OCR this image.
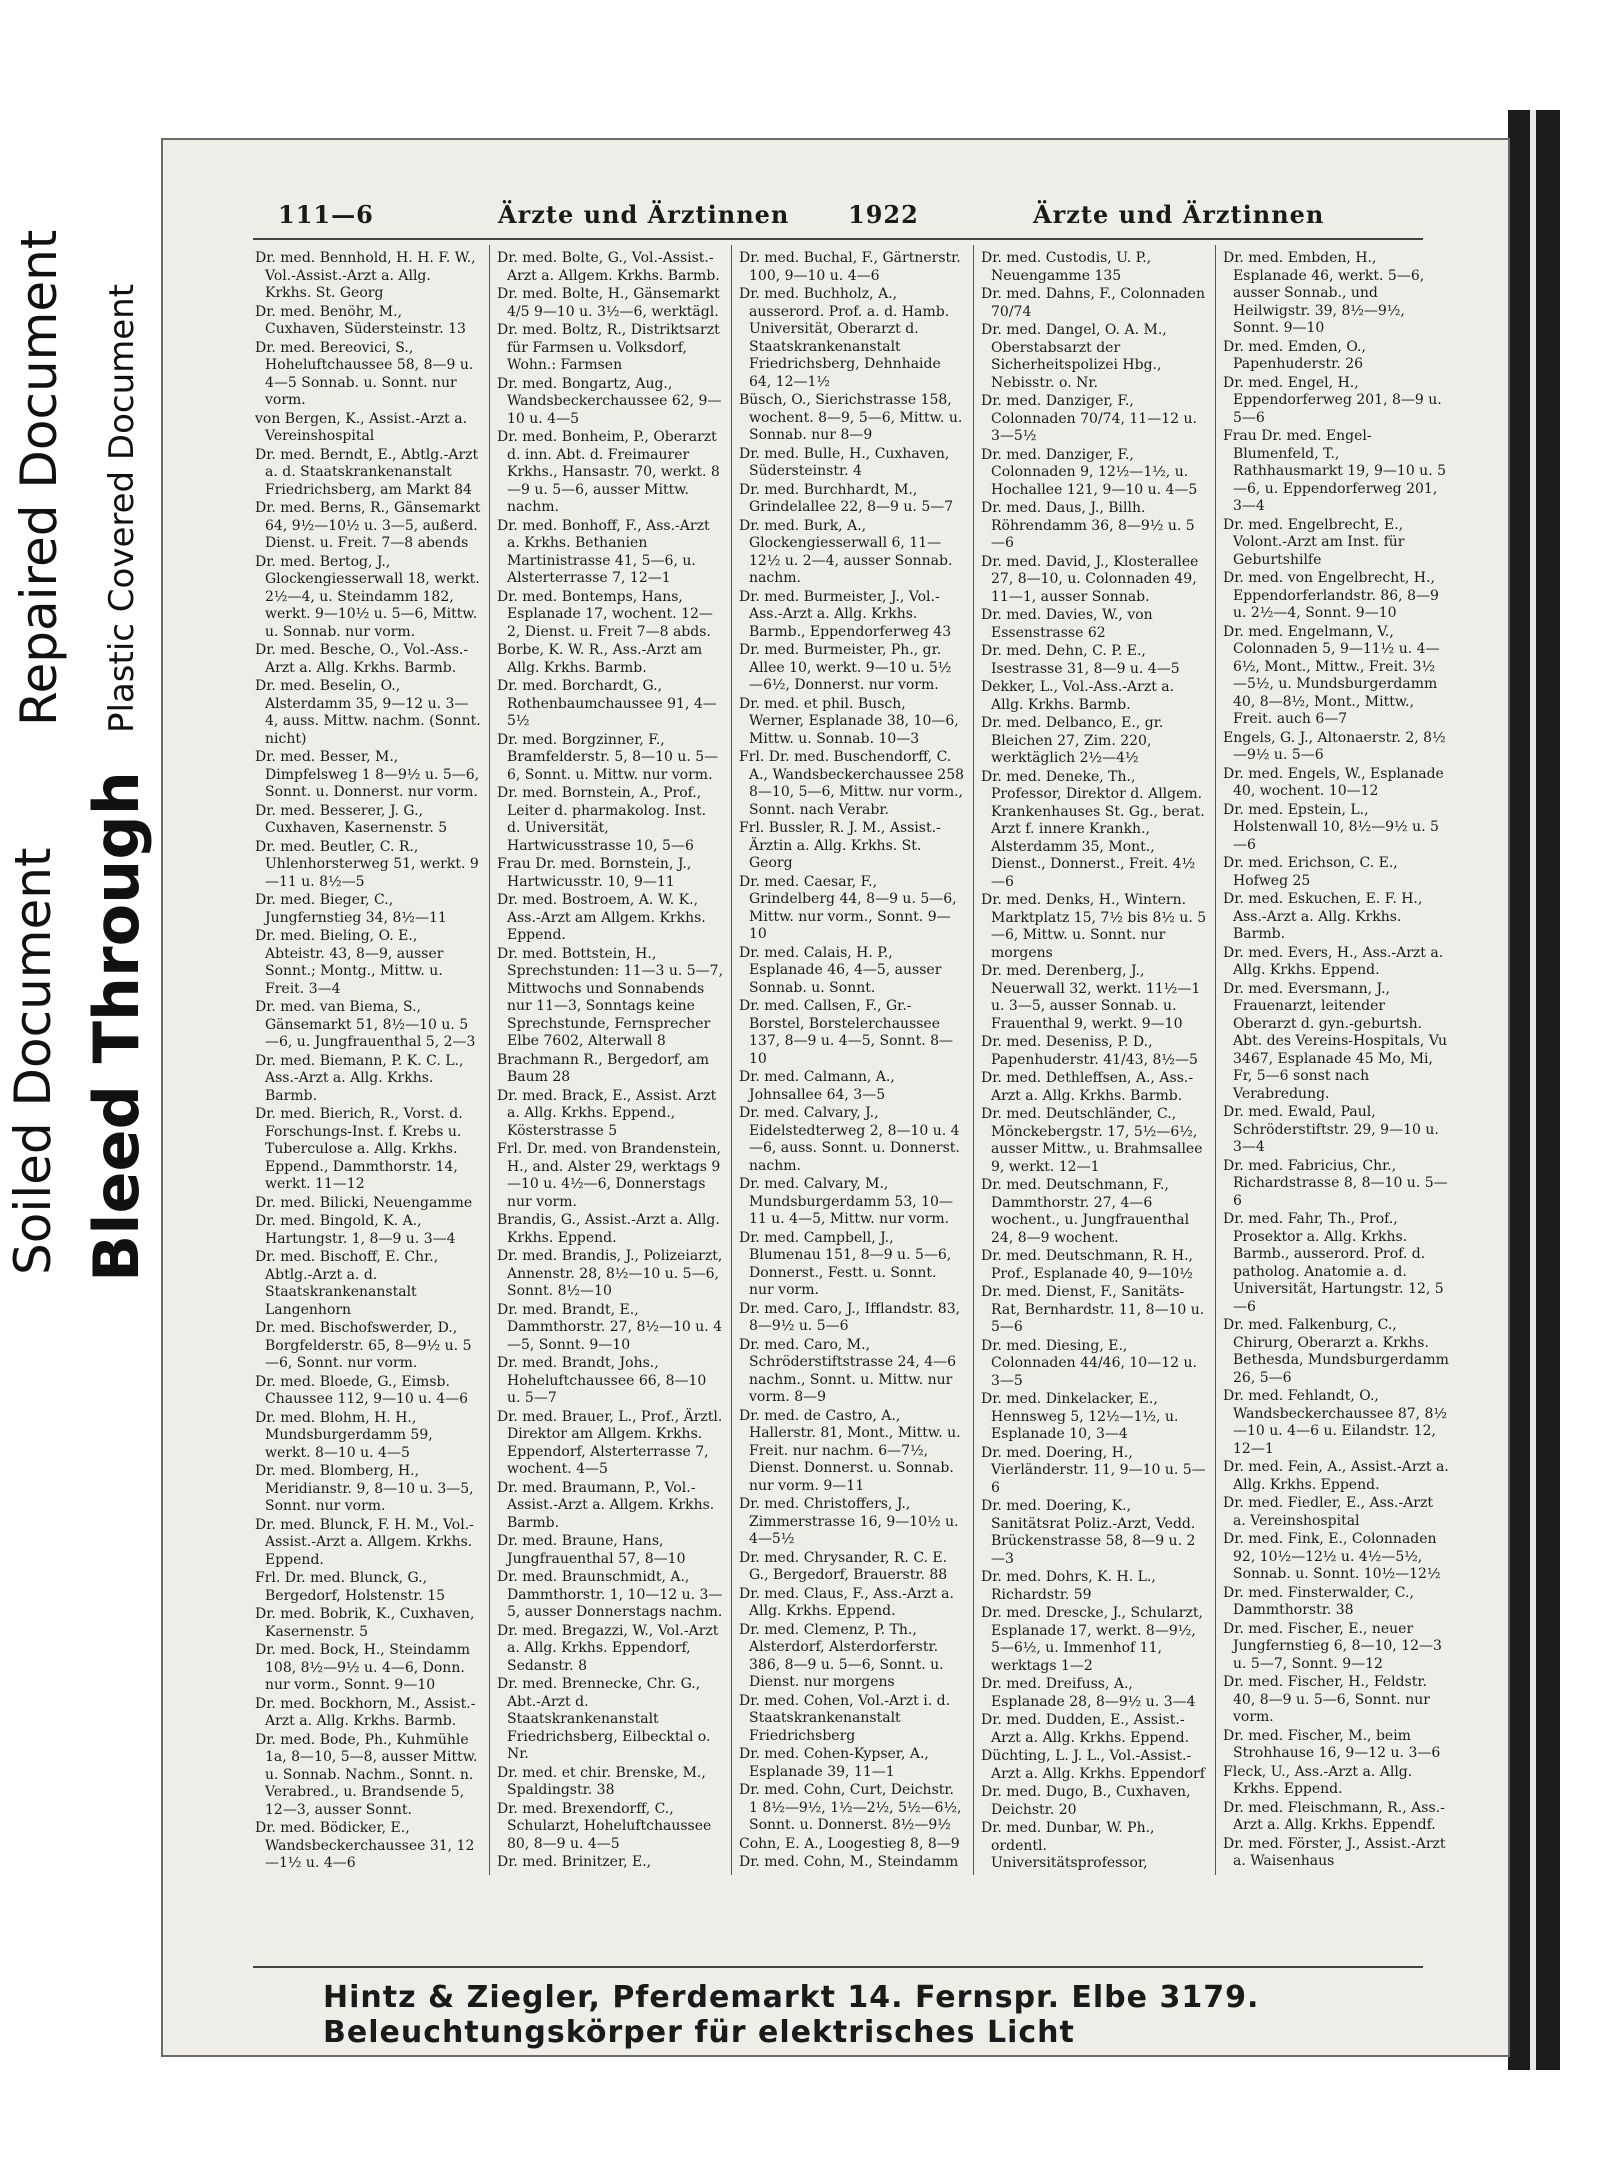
Soiled Document
Repaired Document
Bleed Through
Plastic Covered Document
111—6	Ärzte und Ärztinnen 1922	Ärzte und Ärztinnen

Dr. med. Bennhold, H. H. F. W., Vol.-Assist.-Arzt a. Allg. Krkhs. St. Georg

Dr. med. Benöhr, M., Cuxhaven, Süderstеinstr. 13

Dr. med. Berеovicі, S., Hoheluftchaussee 58, 8—9 u. 4—5 Sonnab. u. Sonnt. nur vorm.

von Bergen, K., Assist.-Arzt a. Vereinshospital

Dr. med. Berndt, E., Abtlg.-Arzt a. d. Staatskrankenanstalt Friedrichsberg, am Markt 84

Dr. med. Berns, R., Gänsemarkt 64, 9½—10½ u. 3—5, außerd. Dienst. u. Freit. 7—8 abends

Dr. med. Bertog, J., Glockengiesserwall 18, werkt. 2½—4, u. Steindamm 182, werkt. 9—10½ u. 5—6, Mittw. u. Sonnab. nur vorm.

Dr. med. Besche, O., Vol.-Ass.-Arzt a. Allg. Krkhs. Barmb.

Dr. med. Beselin, O., Alsterdamm 35, 9—12 u. 3—4, auss. Mittw. nachm. (Sonnt. nicht)

Dr. med. Besser, M., Dimpfelsweg 1 8—9½ u. 5—6, Sonnt. u. Donnerst. nur vorm.

Dr. med. Besserer, J. G., Cuxhaven, Kasernenstr. 5

Dr. med. Beutler, C. R., Uhlenhorsterweg 51, werkt. 9—11 u. 8½—5

Dr. med. Bieger, C., Jungfernstieg 34, 8½—11

Dr. med. Bieling, O. E., Abteistr. 43, 8—9, ausser Sonnt.; Montg., Mittw. u. Freit. 3—4

Dr. med. van Biema, S., Gänsemarkt 51, 8½—10 u. 5—6, u. Jungfrauenthal 5, 2—3

Dr. med. Biemann, P. K. C. L., Ass.-Arzt a. Allg. Krkhs. Barmb.

Dr. med. Bierich, R., Vorst. d. Forschungs-Inst. f. Krebs u. Tuberculose a. Allg. Krkhs. Eppend., Dammthorstr. 14, werkt. 11—12

Dr. med. Bilicki, Neuengamme

Dr. med. Bingold, K. A., Hartungstr. 1, 8—9 u. 3—4

Dr. med. Bischoff, E. Chr., Abtlg.-Arzt a. d. Staatskrankenanstalt Langenhorn

Dr. med. Bischofswerder, D., Borgfelderstr. 65, 8—9½ u. 5—6, Sonnt. nur vorm.

Dr. med. Bloede, G., Eimsb. Chaussee 112, 9—10 u. 4—6

Dr. med. Blohm, H. H., Mundsburgerdamm 59, werkt. 8—10 u. 4—5

Dr. med. Blomberg, H., Meridianstr. 9, 8—10 u. 3—5, Sonnt. nur vorm.

Dr. med. Blunck, F. H. M., Vol.-Assist.-Arzt a. Allgem. Krkhs. Eppend.

Frl. Dr. med. Blunck, G., Bergedorf, Holstenstr. 15

Dr. med. Bobrik, K., Cuxhaven, Kasernenstr. 5

Dr. med. Bock, H., Steindamm 108, 8½—9½ u. 4—6, Donn. nur vorm., Sonnt. 9—10

Dr. med. Bockhorn, M., Assist.-Arzt a. Allg. Krkhs. Barmb.

Dr. med. Bode, Ph., Kuhmühle 1a, 8—10, 5—8, ausser Mittw. u. Sonnab. Nachm., Sonnt. n. Verabred., u. Brandsende 5, 12—3, ausser Sonnt.

Dr. med. Bödicker, E., Wandsbeckerchaussee 31, 12—1½ u. 4—6

Dr. med. Bolte, G., Vol.-Assist.-Arzt a. Allgem. Krkhs. Barmb.

Dr. med. Bolte, H., Gänsemarkt 4/5 9—10 u. 3½—6, werktägl.

Dr. med. Boltz, R., Distriktsarzt für Farmsen u. Volksdorf, Wohn.: Farmsen

Dr. med. Bongartz, Aug., Wandsbeckerchaussee 62, 9—10 u. 4—5

Dr. med. Bonheim, P., Oberarzt d. inn. Abt. d. Freimaurer Krkhs., Hansastr. 70, werkt. 8—9 u. 5—6, ausser Mittw. nachm.

Dr. med. Bonhoff, F., Ass.-Arzt a. Krkhs. Bethanien Martinistrasse 41, 5—6, u. Alsterterrasse 7, 12—1

Dr. med. Bontemps, Hans, Esplanade 17, wochent. 12—2, Dienst. u. Freit 7—8 abds.

Borbe, K. W. R., Ass.-Arzt am Allg. Krkhs. Barmb.

Dr. med. Borchardt, G., Rothenbaumchaussee 91, 4—5½

Dr. med. Borgzinner, F., Bramfelderstr. 5, 8—10 u. 5—6, Sonnt. u. Mittw. nur vorm.

Dr. med. Bornstein, A., Prof., Leiter d. pharmakolog. Inst. d. Universität, Hartwicusstrasse 10, 5—6

Frau Dr. med. Bornstein, J., Hartwicusstr. 10, 9—11

Dr. med. Bostroem, A. W. K., Ass.-Arzt am Allgem. Krkhs. Eppend.

Dr. med. Bottstein, H., Sprechstunden: 11—3 u. 5—7, Mittwochs und Sonnabends nur 11—3, Sonntags keine Sprechstunde, Fernsprecher Elbe 7602, Alterwall 8

Brachmann R., Bergedorf, am Baum 28

Dr. med. Brack, E., Assist. Arzt a. Allg. Krkhs. Eppend., Kösterstrasse 5

Frl. Dr. med. von Brandenstein, H., and. Alster 29, werktags 9—10 u. 4½—6, Donnerstags nur vorm.

Brandis, G., Assist.-Arzt a. Allg. Krkhs. Eppend.

Dr. med. Brandis, J., Polizeiarzt, Annenstr. 28, 8½—10 u. 5—6, Sonnt. 8½—10

Dr. med. Brandt, E., Dammthorstr. 27, 8½—10 u. 4—5, Sonnt. 9—10

Dr. med. Brandt, Johs., Hoheluftchaussee 66, 8—10 u. 5—7

Dr. med. Brauer, L., Prof., Ärztl. Direktor am Allgem. Krkhs. Eppendorf, Alsterterrasse 7, wochent. 4—5

Dr. med. Braumann, P., Vol.-Assist.-Arzt a. Allgem. Krkhs. Barmb.

Dr. med. Braune, Hans, Jungfrauenthal 57, 8—10

Dr. med. Braunschmidt, A., Dammthorstr. 1, 10—12 u. 3—5, ausser Donnerstags nachm.

Dr. med. Bregazzi, W., Vol.-Arzt a. Allg. Krkhs. Eppendorf, Sedanstr. 8

Dr. med. Brennecke, Chr. G., Abt.-Arzt d. Staatskrankenanstalt Friedrichsberg, Eilbecktal o. Nr.

Dr. med. et chir. Brenske, M., Spaldingstr. 38

Dr. med. Brexendorff, C., Schularzt, Hoheluftchaussee 80, 8—9 u. 4—5

Dr. med. Brinitzer, E.,

Dr. med. Buchal, F., Gärtnerstr. 100, 9—10 u. 4—6

Dr. med. Buchholz, A., ausserord. Prof. a. d. Hamb. Universität, Oberarzt d. Staatskrankenanstalt Friedrichsberg, Dehnhaide 64, 12—1½

Büsch, O., Sierichstrasse 158, wochent. 8—9, 5—6, Mittw. u. Sonnab. nur 8—9

Dr. med. Bulle, H., Cuxhaven, Süderstеinstr. 4

Dr. med. Burchhardt, M., Grindelallee 22, 8—9 u. 5—7

Dr. med. Burk, A., Glockengiesserwall 6, 11—12½ u. 2—4, ausser Sonnab. nachm.

Dr. med. Burmeister, J., Vol.-Ass.-Arzt a. Allg. Krkhs. Barmb., Eppendorferweg 43

Dr. med. Burmeister, Ph., gr. Allee 10, werkt. 9—10 u. 5½—6½, Donnerst. nur vorm.

Dr. med. et phil. Busch, Werner, Esplanade 38, 10—6, Mittw. u. Sonnab. 10—3

Frl. Dr. med. Buschendorff, C. A., Wandsbeckerchaussee 258 8—10, 5—6, Mittw. nur vorm., Sonnt. nach Verabr.

Frl. Bussler, R. J. M., Assist.-Ärztin a. Allg. Krkhs. St. Georg

Dr. med. Caesar, F., Grindelberg 44, 8—9 u. 5—6, Mittw. nur vorm., Sonnt. 9—10

Dr. med. Calais, H. P., Esplanade 46, 4—5, ausser Sonnab. u. Sonnt.

Dr. med. Callsen, F., Gr.-Borstel, Borstelerchaussee 137, 8—9 u. 4—5, Sonnt. 8—10

Dr. med. Calmann, A., Johnsallee 64, 3—5

Dr. med. Calvary, J., Eidelstedterweg 2, 8—10 u. 4—6, auss. Sonnt. u. Donnerst. nachm.

Dr. med. Calvary, M., Mundsburgerdamm 53, 10—11 u. 4—5, Mittw. nur vorm.

Dr. med. Campbell, J., Blumenau 151, 8—9 u. 5—6, Donnerst., Festt. u. Sonnt. nur vorm.

Dr. med. Caro, J., Ifflandstr. 83, 8—9½ u. 5—6

Dr. med. Caro, M., Schröderstiftstrasse 24, 4—6 nachm., Sonnt. u. Mittw. nur vorm. 8—9

Dr. med. de Castro, A., Hallerstr. 81, Mont., Mittw. u. Freit. nur nachm. 6—7½, Dienst. Donnerst. u. Sonnab. nur vorm. 9—11

Dr. med. Christoffers, J., Zimmerstrasse 16, 9—10½ u. 4—5½

Dr. med. Chrysander, R. C. E. G., Bergedorf, Brauerstr. 88

Dr. med. Claus, F., Ass.-Arzt a. Allg. Krkhs. Eppend.

Dr. med. Clemenz, P. Th., Alsterdorf, Alsterdorferstr. 386, 8—9 u. 5—6, Sonnt. u. Dienst. nur morgens

Dr. med. Cohen, Vol.-Arzt i. d. Staatskrankenanstalt Friedrichsberg

Dr. med. Cohen-Kypser, A., Esplanade 39, 11—1

Dr. med. Cohn, Curt, Deichstr. 1 8½—9½, 1½—2½, 5½—6½, Sonnt. u. Donnerst. 8½—9½

Cohn, E. A., Loogestieg 8, 8—9

Dr. med. Cohn, M., Steindamm

Dr. med. Custodis, U. P., Neuengamme 135

Dr. med. Dahns, F., Colonnaden 70/74

Dr. med. Dangel, O. A. M., Oberstabsarzt der Sicherheitspolizei Hbg., Nebisstr. o. Nr.

Dr. med. Danziger, F., Colonnaden 70/74, 11—12 u. 3—5½

Dr. med. Danziger, F., Colonnaden 9, 12½—1½, u. Hochallee 121, 9—10 u. 4—5

Dr. med. Daus, J., Billh. Röhrendamm 36, 8—9½ u. 5—6

Dr. med. David, J., Klosterallee 27, 8—10, u. Colonnaden 49, 11—1, ausser Sonnab.

Dr. med. Davies, W., von Essenstrasse 62

Dr. med. Dehn, C. P. E., Isestrasse 31, 8—9 u. 4—5

Dekker, L., Vol.-Ass.-Arzt a. Allg. Krkhs. Barmb.

Dr. med. Delbanco, E., gr. Bleichen 27, Zim. 220, werktäglich 2½—4½

Dr. med. Deneke, Th., Professor, Direktor d. Allgem. Krankenhauses St. Gg., berat. Arzt f. innere Krankh., Alsterdamm 35, Mont., Dienst., Donnerst., Freit. 4½—6

Dr. med. Denks, H., Wintern. Marktplatz 15, 7½ bis 8½ u. 5—6, Mittw. u. Sonnt. nur morgens

Dr. med. Derenberg, J., Neuerwall 32, werkt. 11½—1 u. 3—5, ausser Sonnab. u. Frauenthal 9, werkt. 9—10

Dr. med. Desenіss, P. D., Papenhuderstr. 41/43, 8½—5

Dr. med. Dethleffsen, A., Ass.-Arzt a. Allg. Krkhs. Barmb.

Dr. med. Deutschländer, C., Mönckebergstr. 17, 5½—6½, ausser Mittw., u. Brahmsallee 9, werkt. 12—1

Dr. med. Deutschmann, F., Dammthorstr. 27, 4—6 wochent., u. Jungfrauenthal 24, 8—9 wochent.

Dr. med. Deutschmann, R. H., Prof., Esplanade 40, 9—10½

Dr. med. Dienst, F., Sanitäts-Rat, Bernhardstr. 11, 8—10 u. 5—6

Dr. med. Diesing, E., Colonnaden 44/46, 10—12 u. 3—5

Dr. med. Dinkelacker, E., Hennsweg 5, 12½—1½, u. Esplanade 10, 3—4

Dr. med. Doering, H., Vierländerstr. 11, 9—10 u. 5—6

Dr. med. Doering, K., Sanitätsrat Poliz.-Arzt, Vedd. Brückenstrasse 58, 8—9 u. 2—3

Dr. med. Dohrs, K. H. L., Richardstr. 59

Dr. med. Drescke, J., Schularzt, Esplanade 17, werkt. 8—9½, 5—6½, u. Immenhof 11, werktags 1—2

Dr. med. Dreifuss, A., Esplanade 28, 8—9½ u. 3—4

Dr. med. Dudden, E., Assist.-Arzt a. Allg. Krkhs. Eppend.

Düchting, L. J. L., Vol.-Assist.-Arzt a. Allg. Krkhs. Eppendorf

Dr. med. Dugo, B., Cuxhaven, Deichstr. 20

Dr. med. Dunbar, W. Ph., ordentl. Universitätsprofessor,

Dr. med. Embden, H., Esplanade 46, werkt. 5—6, ausser Sonnab., und Heilwigstr. 39, 8½—9½, Sonnt. 9—10

Dr. med. Emden, O., Papenhuderstr. 26

Dr. med. Engel, H., Eppendorferweg 201, 8—9 u. 5—6

Frau Dr. med. Engel-Blumenfeld, T., Rathhausmarkt 19, 9—10 u. 5—6, u. Eppendorferweg 201, 3—4

Dr. med. Engelbrecht, E., Volont.-Arzt am Inst. für Geburtshilfe

Dr. med. von Engelbrecht, H., Eppendorferlandstr. 86, 8—9 u. 2½—4, Sonnt. 9—10

Dr. med. Engelmann, V., Colonnaden 5, 9—11½ u. 4—6½, Mont., Mittw., Freit. 3½—5½, u. Mundsburgerdamm 40, 8—8½, Mont., Mittw., Freit. auch 6—7

Engels, G. J., Altonaerstr. 2, 8½—9½ u. 5—6

Dr. med. Engels, W., Esplanade 40, wochent. 10—12

Dr. med. Epstein, L., Holstenwall 10, 8½—9½ u. 5—6

Dr. med. Erichson, C. E., Hofweg 25

Dr. med. Eskuchen, E. F. H., Ass.-Arzt a. Allg. Krkhs. Barmb.

Dr. med. Evers, H., Ass.-Arzt a. Allg. Krkhs. Eppend.

Dr. med. Eversmann, J., Frauenarzt, leitender Oberarzt d. gyn.-geburtsh. Abt. des Vereins-Hospitals, Vu 3467, Esplanade 45 Mo, Mi, Fr, 5—6 sonst nach Verabredung.

Dr. med. Ewald, Paul, Schröderstiftstr. 29, 9—10 u. 3—4

Dr. med. Fabricius, Chr., Richardstrasse 8, 8—10 u. 5—6

Dr. med. Fahr, Th., Prof., Prosektor a. Allg. Krkhs. Barmb., ausserord. Prof. d. patholog. Anatomie a. d. Universität, Hartungstr. 12, 5—6

Dr. med. Falkenburg, C., Chirurg, Oberarzt a. Krkhs. Bethesda, Mundsburgerdamm 26, 5—6

Dr. med. Fehlandt, O., Wandsbeckerchaussee 87, 8½—10 u. 4—6 u. Eilandstr. 12, 12—1

Dr. med. Fein, A., Assist.-Arzt a. Allg. Krkhs. Eppend.

Dr. med. Fiedler, E., Ass.-Arzt a. Vereinshospital

Dr. med. Fink, E., Colonnaden 92, 10½—12½ u. 4½—5½, Sonnab. u. Sonnt. 10½—12½

Dr. med. Finsterwalder, C., Dammthorstr. 38

Dr. med. Fischer, E., neuer Jungfernstieg 6, 8—10, 12—3 u. 5—7, Sonnt. 9—12

Dr. med. Fischer, H., Feldstr. 40, 8—9 u. 5—6, Sonnt. nur vorm.

Dr. med. Fischer, M., beim Strohhause 16, 9—12 u. 3—6

Fleck, U., Ass.-Arzt a. Allg. Krkhs. Eppend.

Dr. med. Fleischmann, R., Ass.-Arzt a. Allg. Krkhs. Eppendf.

Dr. med. Förster, J., Assist.-Arzt a. Waisenhaus

Hintz & Ziegler, Pferdemarkt 14. Fernspr. Elbe 3179. Beleuchtungskörper für elektrisches Licht
